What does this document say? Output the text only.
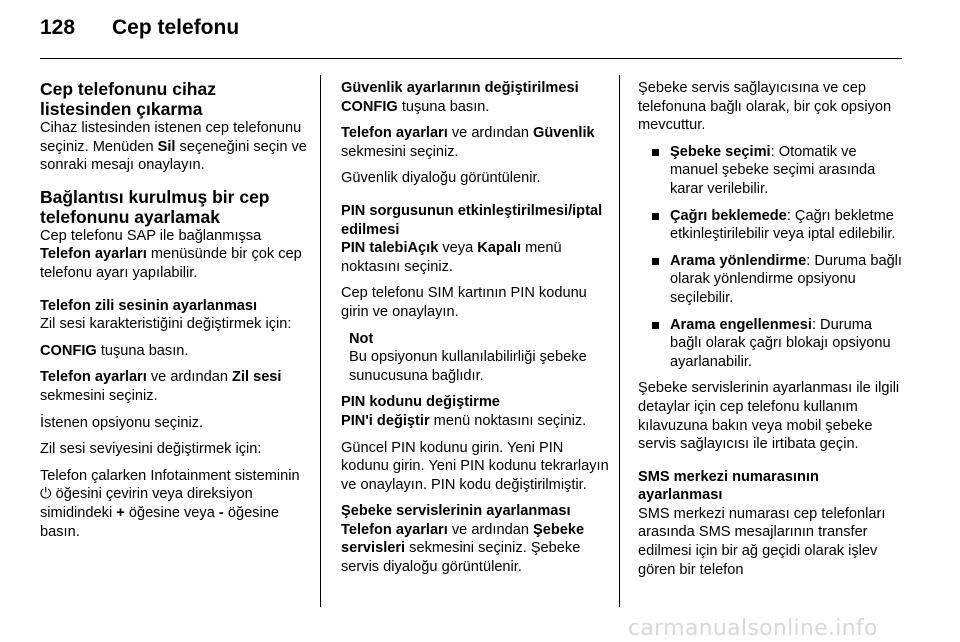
128 Cep telefonu
Cep telefonunu cihaz listesinden çıkarma

Cihaz listesinden istenen cep telefonunu seçiniz. Menüden Sil seçeneğini seçin ve sonraki mesajı onaylayın.

Bağlantısı kurulmuş bir cep telefonunu ayarlamak

Cep telefonu SAP ile bağlanmışsa Telefon ayarları menüsünde bir çok cep telefonu ayarı yapılabilir.

Telefon zili sesinin ayarlanması

Zil sesi karakteristiğini değiştirmek için:

CONFIG tuşuna basın.

Telefon ayarları ve ardından Zil sesi sekmesini seçiniz.

İstenen opsiyonu seçiniz.

Zil sesi seviyesini değiştirmek için:

Telefon çalarken Infotainment sisteminin ⏻ öğesini çevirin veya direksiyon simidindeki + öğesine veya - öğesine basın.

Güvenlik ayarlarının değiştirilmesi

CONFIG tuşuna basın.

Telefon ayarları ve ardından Güvenlik sekmesini seçiniz.

Güvenlik diyaloğu görüntülenir.

PIN sorgusunun etkinleştirilmesi/iptal edilmesi

PIN talebiAçık veya Kapalı menü noktasını seçiniz.

Cep telefonu SIM kartının PIN kodunu girin ve onaylayın.

Not
Bu opsiyonun kullanılabilirliği şebeke sunucusuna bağlıdır.
PIN kodunu değiştirme

PIN'i değiştir menü noktasını seçiniz.

Güncel PIN kodunu girin. Yeni PIN kodunu girin. Yeni PIN kodunu tekrarlayın ve onaylayın. PIN kodu değiştirilmiştir.

Şebeke servislerinin ayarlanması

Telefon ayarları ve ardından Şebeke servisleri sekmesini seçiniz. Şebeke servis diyaloğu görüntülenir.

Şebeke servis sağlayıcısına ve cep telefonuna bağlı olarak, bir çok opsiyon mevcuttur.

Şebeke seçimi: Otomatik ve manuel şebeke seçimi arasında karar verilebilir.
Çağrı beklemede: Çağrı bekletme etkinleştirilebilir veya iptal edilebilir.
Arama yönlendirme: Duruma bağlı olarak yönlendirme opsiyonu seçilebilir.
Arama engellenmesi: Duruma bağlı olarak çağrı blokajı opsiyonu ayarlanabilir.

Şebeke servislerinin ayarlanması ile ilgili detaylar için cep telefonu kullanım kılavuzuna bakın veya mobil şebeke servis sağlayıcısı ile irtibata geçin.

SMS merkezi numarasının ayarlanması

SMS merkezi numarası cep telefonları arasında SMS mesajlarının transfer edilmesi için bir ağ geçidi olarak işlev gören bir telefon

carmanualsonline.info
